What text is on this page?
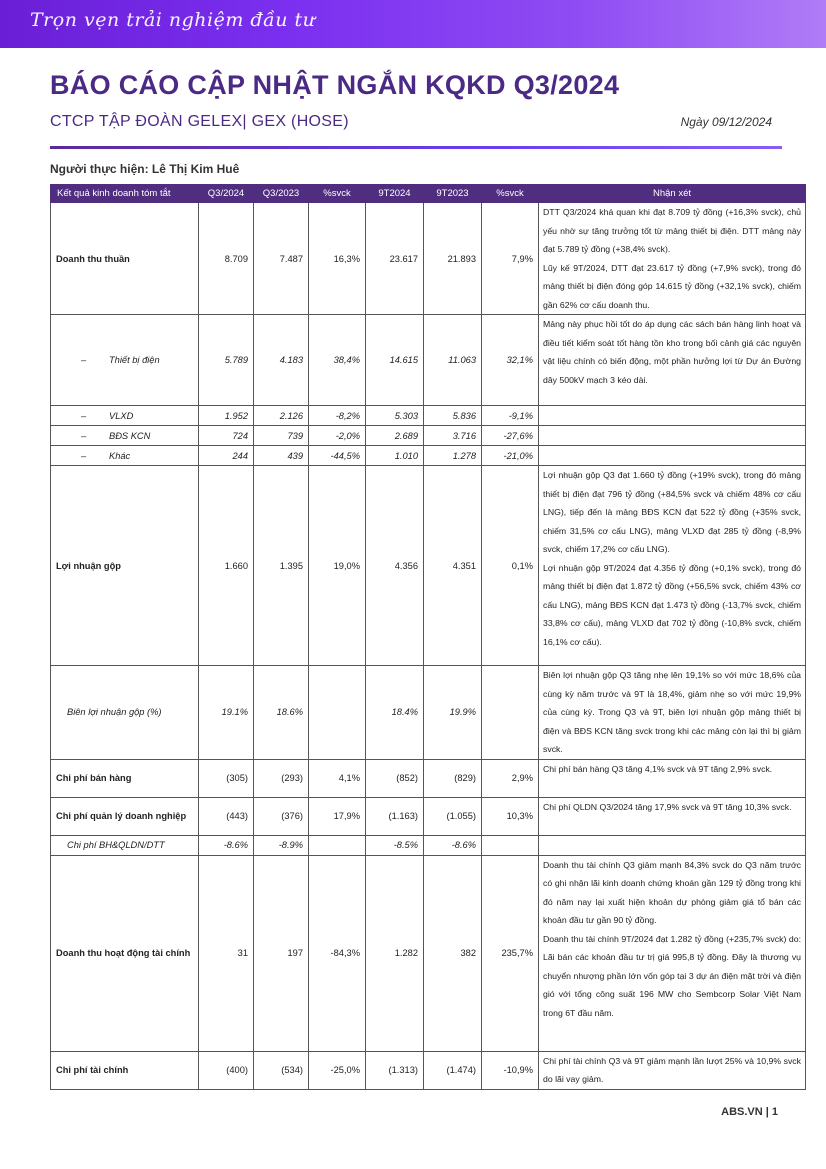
Trọn vẹn trải nghiệm đầu tư
BÁO CÁO CẬP NHẬT NGẮN KQKD Q3/2024
CTCP TẬP ĐOÀN GELEX| GEX (HOSE)	Ngày 09/12/2024
Người thực hiện: Lê Thị Kim Huê
Kết quả kinh doanh tóm tắt	Q3/2024	Q3/2023	%svck	9T2024	9T2023	%svck	Nhận xét
Doanh thu thuần	8.709	7.487	16,3%	23.617	21.893	7,9%	DTT Q3/2024 khá quan khi đạt 8.709 tỷ đồng (+16,3% svck), chủ yếu nhờ sự tăng trưởng tốt từ mảng thiết bị điện. DTT mảng này đạt 5.789 tỷ đồng (+38,4% svck).
Lũy kế 9T/2024, DTT đạt 23.617 tỷ đồng (+7,9% svck), trong đó mảng thiết bị điện đóng góp 14.615 tỷ đồng (+32,1% svck), chiếm gần 62% cơ cấu doanh thu.
– Thiết bị điện	5.789	4.183	38,4%	14.615	11.063	32,1%	Mảng này phục hồi tốt do áp dụng các sách bán hàng linh hoạt và điều tiết kiểm soát tốt hàng tồn kho trong bối cảnh giá các nguyên vật liệu chính có biến động, một phần hưởng lợi từ Dự án Đường dây 500kV mạch 3 kéo dài.
– VLXD	1.952	2.126	-8,2%	5.303	5.836	-9,1%	
– BĐS KCN	724	739	-2,0%	2.689	3.716	-27,6%	
– Khác	244	439	-44,5%	1.010	1.278	-21,0%	
Lợi nhuận gộp	1.660	1.395	19,0%	4.356	4.351	0,1%	Lợi nhuận gộp Q3 đạt 1.660 tỷ đồng (+19% svck), trong đó mảng thiết bị điện đạt 796 tỷ đồng (+84,5% svck và chiếm 48% cơ cấu LNG), tiếp đến là mảng BĐS KCN đạt 522 tỷ đồng (+35% svck, chiếm 31,5% cơ cấu LNG), mảng VLXD đạt 285 tỷ đồng (-8,9% svck, chiếm 17,2% cơ cấu LNG).
Lợi nhuận gộp 9T/2024 đạt 4.356 tỷ đồng (+0,1% svck), trong đó mảng thiết bị điện đạt 1.872 tỷ đồng (+56,5% svck, chiếm 43% cơ cấu LNG), mảng BĐS KCN đạt 1.473 tỷ đồng (-13,7% svck, chiếm 33,8% cơ cấu), mảng VLXD đạt 702 tỷ đồng (-10,8% svck, chiếm 16,1% cơ cấu).
Biên lợi nhuận gộp (%)	19.1%	18.6%		18.4%	19.9%		Biên lợi nhuận gộp Q3 tăng nhẹ lên 19,1% so với mức 18,6% của cùng kỳ năm trước và 9T là 18,4%, giảm nhẹ so với mức 19,9% của cùng kỳ. Trong Q3 và 9T, biên lợi nhuận gộp mảng thiết bị điện và BĐS KCN tăng svck trong khi các mảng còn lại thì bị giảm svck.
Chi phí bán hàng	(305)	(293)	4,1%	(852)	(829)	2,9%	Chi phí bán hàng Q3 tăng 4,1% svck và 9T tăng 2,9% svck.
Chi phí quản lý doanh nghiệp	(443)	(376)	17,9%	(1.163)	(1.055)	10,3%	Chi phí QLDN Q3/2024 tăng 17,9% svck và 9T tăng 10,3% svck.
Chi phí BH&QLDN/DTT	-8.6%	-8.9%		-8.5%	-8.6%		
Doanh thu hoạt động tài chính	31	197	-84,3%	1.282	382	235,7%	Doanh thu tài chính Q3 giảm mạnh 84,3% svck do Q3 năm trước có ghi nhận lãi kinh doanh chứng khoán gần 129 tỷ đồng trong khi đó năm nay lại xuất hiện khoản dự phòng giảm giá tổ bán các khoản đầu tư gần 90 tỷ đồng.
Doanh thu tài chính 9T/2024 đạt 1.282 tỷ đồng (+235,7% svck) do: Lãi bán các khoản đầu tư trị giá 995,8 tỷ đồng. Đây là thương vụ chuyển nhượng phần lớn vốn góp tại 3 dự án điện mặt trời và điện gió với tổng công suất 196 MW cho Sembcorp Solar Việt Nam trong 6T đầu năm.
Chi phí tài chính	(400)	(534)	-25,0%	(1.313)	(1.474)	-10,9%	Chi phí tài chính Q3 và 9T giảm mạnh lần lượt 25% và 10,9% svck do lãi vay giảm.
ABS.VN | 1
